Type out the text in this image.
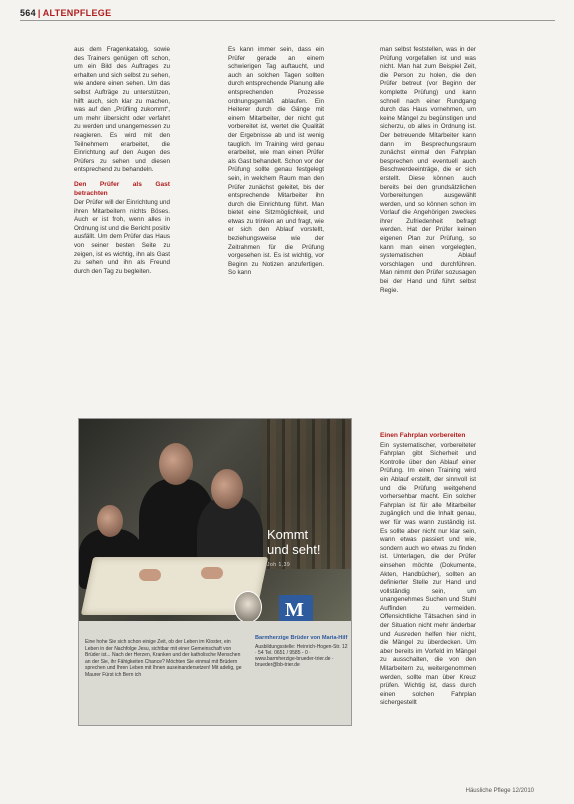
564 | ALTENPFLEGE

aus dem Fragenkatalog, sowie des Trainers genügen oft schon, um ein Bild des Auftrages zu erhalten und sich selbst zu sehen, wie andere einen sehen. Um das selbst Aufträge zu unterstützen, hilft auch, sich klar zu machen, was auf den „Prüfling zukommt“, um mehr übersicht oder verfahrt zu werden und unangemessen zu reagieren. Es wird mit den Teilnehmern erarbeitet, die Einrichtung auf den Augen des Prüfers zu sehen und diesen entsprechend zu behandeln.

Den Prüfer als Gast betrachten

Der Prüfer will der Einrichtung und ihren Mitarbeitern nichts Böses. Auch er ist froh, wenn alles in Ordnung ist und die Bericht positiv ausfällt. Um dem Prüfer das Haus von seiner besten Seite zu zeigen, ist es wichtig, ihn als Gast zu sehen und ihn als Freund durch den Tag zu begleiten.

Es kann immer sein, dass ein Prüfer gerade an einem schwierigen Tag auftaucht, und auch an solchen Tagen sollten durch entsprechende Planung alle entsprechenden Prozesse ordnungsgemäß ablaufen. Ein Heiterer durch die Gänge mit einem Mitarbeiter, der nicht gut vorbereitet ist, wertet die Qualität der Ergebnisse ab und ist wenig tauglich. Im Training wird genau erarbeitet, wie man einen Prüfer als Gast behandelt. Schon vor der Prüfung sollte genau festgelegt sein, in welchem Raum man den Prüfer zunächst geleitet, bis der entsprechende Mitarbeiter ihn durch die Einrichtung führt. Man bietet eine Sitzmöglichkeit, und etwas zu trinken an und fragt, wie er sich den Ablauf vorstellt, beziehungsweise wie der Zeitrahmen für die Prüfung vorgesehen ist. Es ist wichtig, vor Beginn zu Notizen anzufertigen. So kann

man selbst feststellen, was in der Prüfung vorgefallen ist und was nicht. Man hat zum Beispiel Zeit, die Person zu holen, die den Prüfer betreut (vor Beginn der komplette Prüfung) und kann schnell nach einer Rundgang durch das Haus vornehmen, um keine Mängel zu begünstigen und sicherzu, ob alles in Ordnung ist. Der betreuende Mitarbeiter kann dann im Besprechungsraum zunächst einmal den Fahrplan besprechen und eventuell auch Beschwerdeeinträge, die er sich erstellt. Diese können auch bereits bei den grundsätzlichen Vorbereitungen ausgewählt werden, und so können schon im Vorlauf die Angehörigen zweckes ihrer Zufriedenheit befragt werden. Hat der Prüfer keinen eigenen Plan zur Prüfung, so kann man einen vorgelegten, systematischen Ablauf vorschlagen und durchführen. Man nimmt den Prüfer sozusagen bei der Hand und führt selbst Regie.

Einen Fahrplan vorbereiten

Ein systematischer, vorbereiteter Fahrplan gibt Sicherheit und Kontrolle über den Ablauf einer Prüfung. Im einen Training wird ein Ablauf erstellt, der sinnvoll ist und die Prüfung weitgehend vorhersehbar macht. Ein solcher Fahrplan ist für alle Mitarbeiter zugänglich und die Inhalt genau, wer für was wann zuständig ist. Es sollte aber nicht nur klar sein, wann etwas passiert und wie, sondern auch wo etwas zu finden ist. Unterlagen, die der Prüfer einsehen möchte (Dokumente, Akten, Handbücher), sollten an definierter Stelle zur Hand und vollständig sein, um unangenehmes Suchen und Stuhl Auffinden zu vermeiden. Offensichtliche Tätsachen sind in der Situation nicht mehr änderbar und Ausreden helfen hier nicht, die Mängel zu überdecken. Um aber bereits im Vorfeld im Mängel zu ausschalten, die von den Mitarbeitern zu, weitergenommen werden, sollte man über Kreuz prüfen. Wichtig ist, dass durch einen solchen Fahrplan sichergestellt

Kommt
und seht!
Joh 1,39
M
Eine hohe Sie sich schon einige Zeit, ob der Leben im Kloster, ein Leben in der Nachfolge Jesu, sichtbar mit einer Gemeinschaft von Brüder ist... Nach der Herzen, Kranken und der katholische Menschen an der Sie, ihr Fähigkeiten Chance? Möchten Sie einmal mit Brüdern sprechen und Ihren Leben mit Ihnen auseinandersetzen! Mit adelig, ge Maurer Fürst ich Bern ich
Barmherzige Brüder von Maria-Hilf
Ausbildungsstelle: Heinrich-Hogen-Str. 12 · 54 Tel. 0651 / 9585 - 0 · www.barmherzige-brueder-trier.de · brueder@bb-trier.de
Häusliche Pflege 12/2010
